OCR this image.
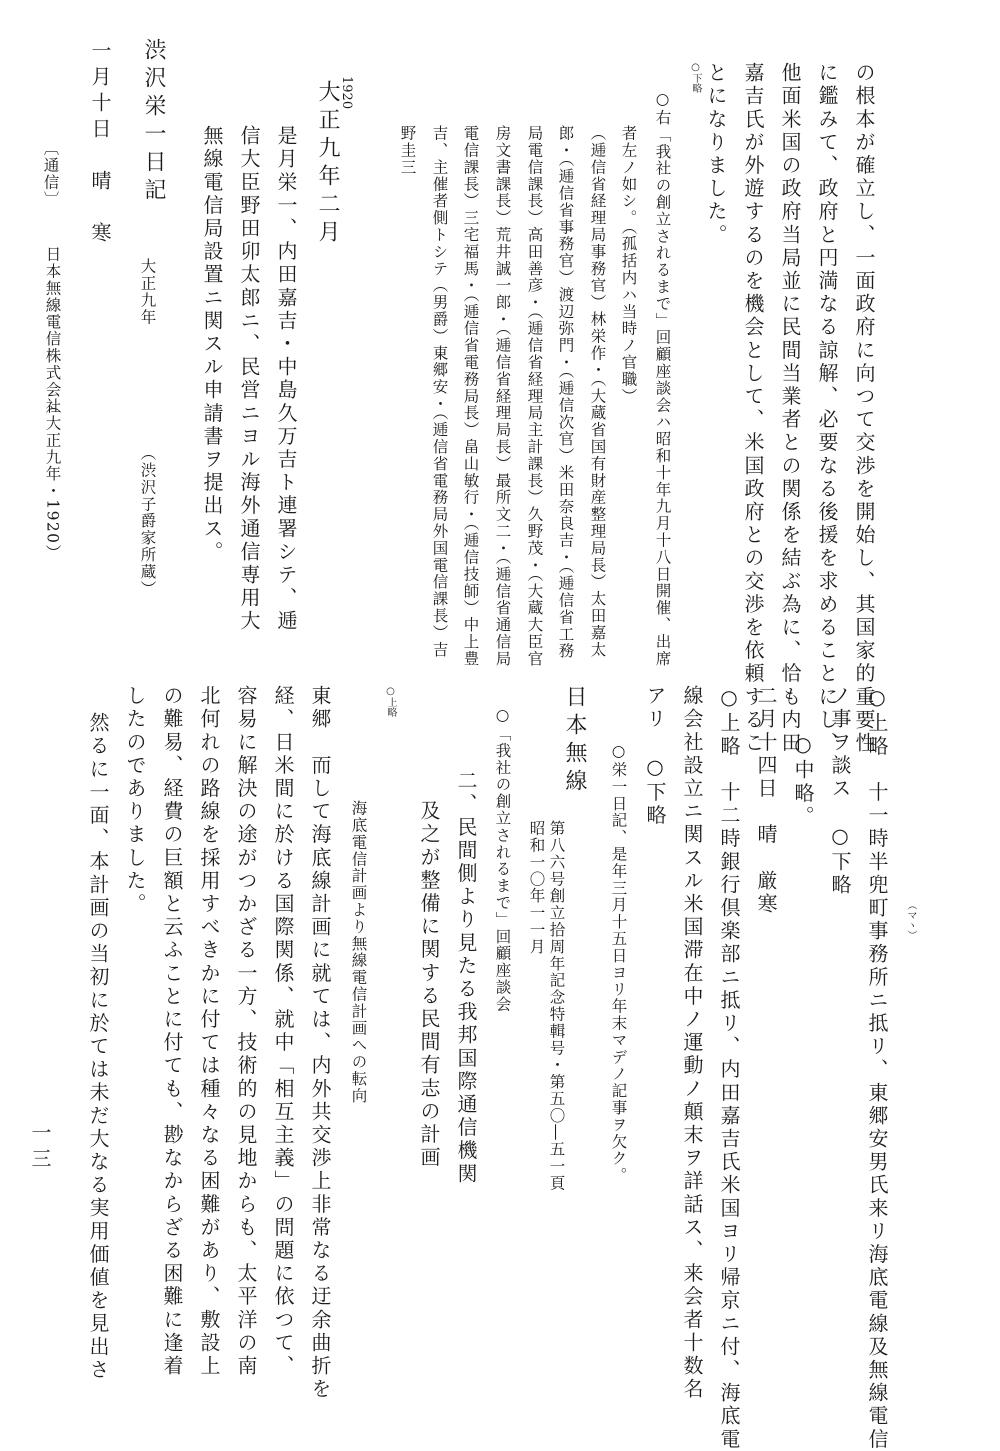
の根本が確立し、一面政府に向つて交渉を開始し、其国家的重要性
に鑑みて、政府と円満なる諒解、必要なる後援を求めることにし、
他面米国の政府当局並に民間当業者との関係を結ぶ為に、恰も内田
嘉吉氏が外遊するのを機会として、米国政府との交渉を依頼するこ
とになりました。
○下略
○右「我社の創立されるまで」回顧座談会ハ昭和十年九月十八日開催、出席
者左ノ如シ。（孤括内ハ当時ノ官職）
（逓信省経理局事務官）林栄作・（大蔵省国有財産整理局長）太田嘉太
郎・（逓信省事務官）渡辺弥門・（逓信次官）米田奈良吉・（逓信省工務
局電信課長）高田善彦・（逓信省経理局主計課長）久野茂・（大蔵大臣官
房文書課長）荒井誠一郎・（逓信省経理局長）最所文二・（逓信省通信局
電信課長）三宅福馬・（逓信省電務局長）畠山敏行・（逓信技師）中上豊
吉、主催者側トシテ（男爵）東郷安・（逓信省電務局外国電信課長）吉
野圭三
1920
大正九年二月
是月栄一、内田嘉吉・中島久万吉ト連署シテ、逓
信大臣野田卯太郎ニ、民営ニヨル海外通信専用大
無線電信局設置ニ関スル申請書ヲ提出ス。
渋沢栄一日記
大正九年
（渋沢子爵家所蔵）
一月十日　晴　寒
〔通信〕
日本無線電信株式会社
（大正九年・1920）
（マヽ）
○上略　十一時半兜町事務所ニ抵リ、東郷安男氏来リ海底電線及無線電信
ノ事ヲ談ス　○下略
○中略。
二月十四日　晴　厳寒
○上略　十二時銀行倶楽部ニ抵リ、内田嘉吉氏米国ヨリ帰京ニ付、海底電
線会社設立ニ関スル米国滞在中ノ運動ノ顛末ヲ詳話ス、来会者十数名
アリ　○下略
○栄一日記、是年三月十五日ヨリ年末マデノ記事ヲ欠ク。
日本無線
第八六号創立拾周年記念特輯号・第五〇―五一頁
昭和一〇年一一月
○「我社の創立されるまで」回顧座談会
二、民間側より見たる我邦国際通信機関
及之が整備に関する民間有志の計画
○上略
海底電信計画より無線電信計画への転向
東郷　而して海底線計画に就ては、内外共交渉上非常なる迂余曲折を
経、日米間に於ける国際関係、就中「相互主義」の問題に依つて、
容易に解決の途がつかざる一方、技術的の見地からも、太平洋の南
北何れの路線を採用すべきかに付ては種々なる困難があり、敷設上
の難易、経費の巨額と云ふことに付ても、尠なからざる困難に逢着
したのでありました。
然るに一面、本計画の当初に於ては未だ大なる実用価値を見出さ
一三
